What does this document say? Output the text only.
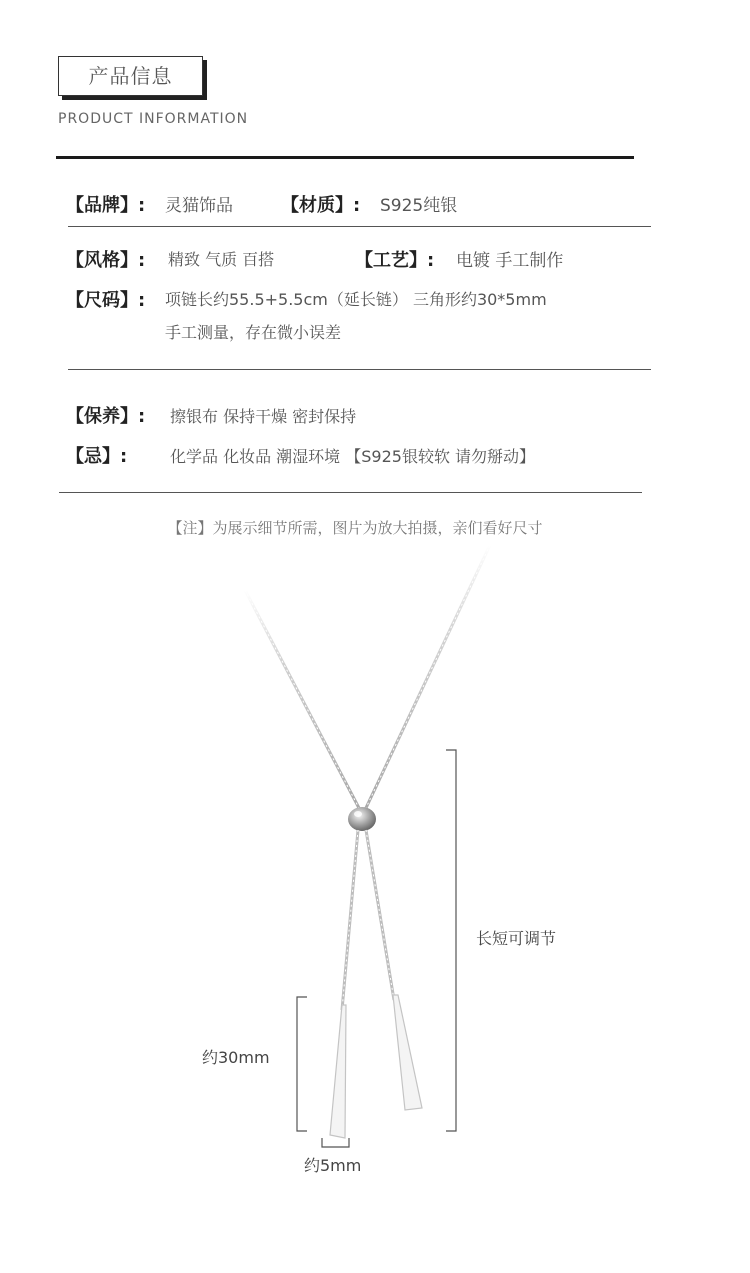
产品信息
PRODUCT INFORMATION
【品牌】: 灵猫饰品	【材质】: S925纯银
【风格】: 精致 气质 百搭	【工艺】: 电镀 手工制作
【尺码】: 项链长约55.5+5.5cm（延长链） 三角形约30*5mm
手工测量，存在微小误差
【保养】: 擦银布 保持干燥 密封保持
【忌】:	化学品 化妆品 潮湿环境 【S925银较软 请勿掰动】
【注】为展示细节所需，图片为放大拍摄，亲们看好尺寸
长短可调节
约30mm
约5mm
